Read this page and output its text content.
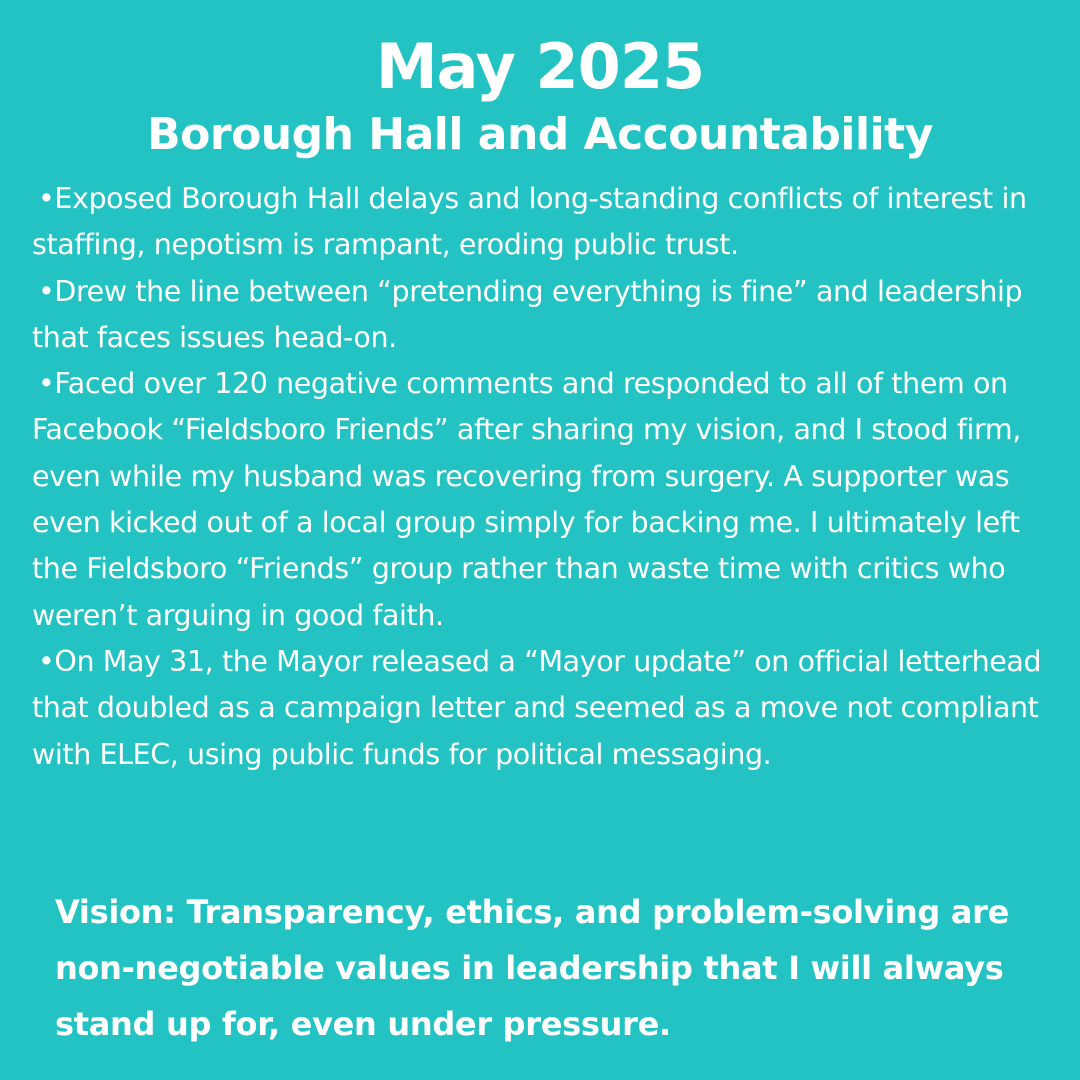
May 2025
Borough Hall and Accountability

•Exposed Borough Hall delays and long-standing conflicts of interest in staffing, nepotism is rampant, eroding public trust.

•Drew the line between “pretending everything is fine” and leadership that faces issues head-on.

•Faced over 120 negative comments and responded to all of them on Facebook “Fieldsboro Friends” after sharing my vision, and I stood firm, even while my husband was recovering from surgery. A supporter was even kicked out of a local group simply for backing me. I ultimately left the Fieldsboro “Friends” group rather than waste time with critics who weren’t arguing in good faith.

•On May 31, the Mayor released a “Mayor update” on official letterhead that doubled as a campaign letter and seemed as a move not compliant with ELEC, using public funds for political messaging.

Vision: Transparency, ethics, and problem-solving are non-negotiable values in leadership that I will always stand up for, even under pressure.
